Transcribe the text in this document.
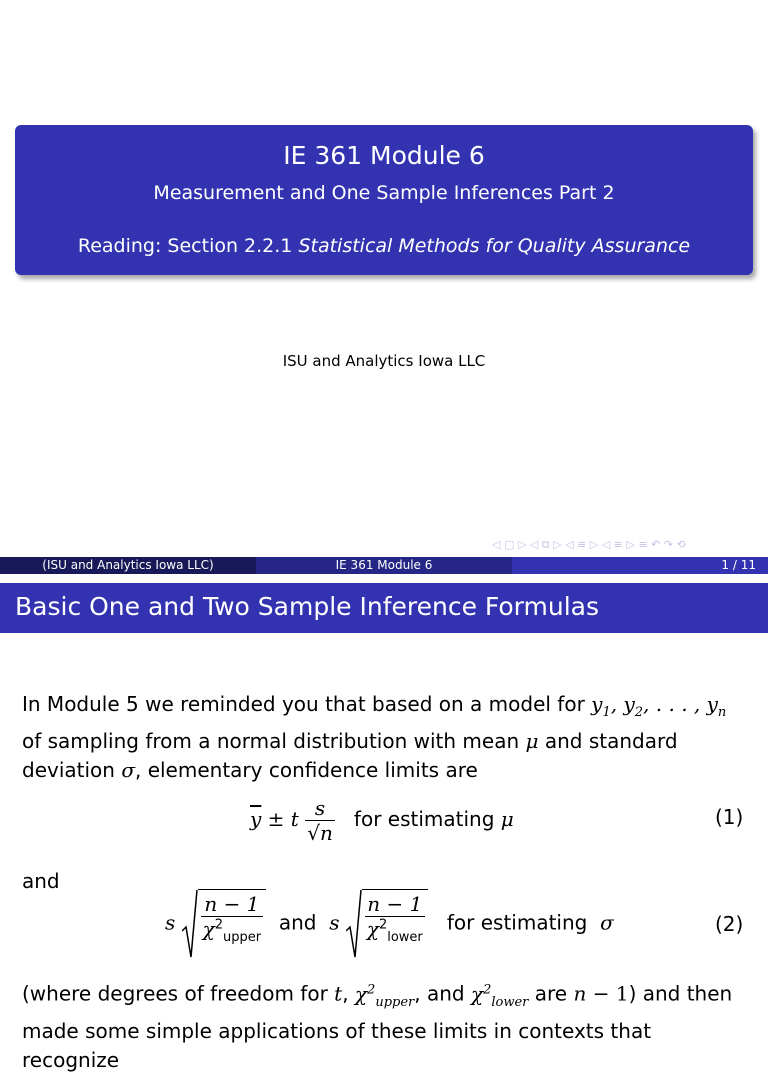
IE 361 Module 6
Measurement and One Sample Inferences Part 2
Reading: Section 2.2.1 Statistical Methods for Quality Assurance
ISU and Analytics Iowa LLC
◁ ▢ ▷ ◁ ⧉ ▷ ◁ ≡ ▷ ◁ ≡ ▷ ≡ ↶ ↷ ⟲
(ISU and Analytics Iowa LLC)	IE 361 Module 6	1 / 11
Basic One and Two Sample Inference Formulas
In Module 5 we reminded you that based on a model for $y_1$, $y_2$, . . . , $y_n$ of sampling from a normal distribution with mean μ and standard deviation σ, elementary confidence limits are
$\overline{y} \pm t \frac{s}{√n}$ for estimating μ	(1)
and
s $\frac{n - 1}{\chi^2_{upper}}$ and s $\frac{n - 1}{\chi^2_{lower}}$ for estimating  σ	(2)
(where degrees of freedom for t, $\chi^2_{upper}$, and $\chi^2_{lower}$ are n − 1) and then made some simple applications of these limits in contexts that recognize
